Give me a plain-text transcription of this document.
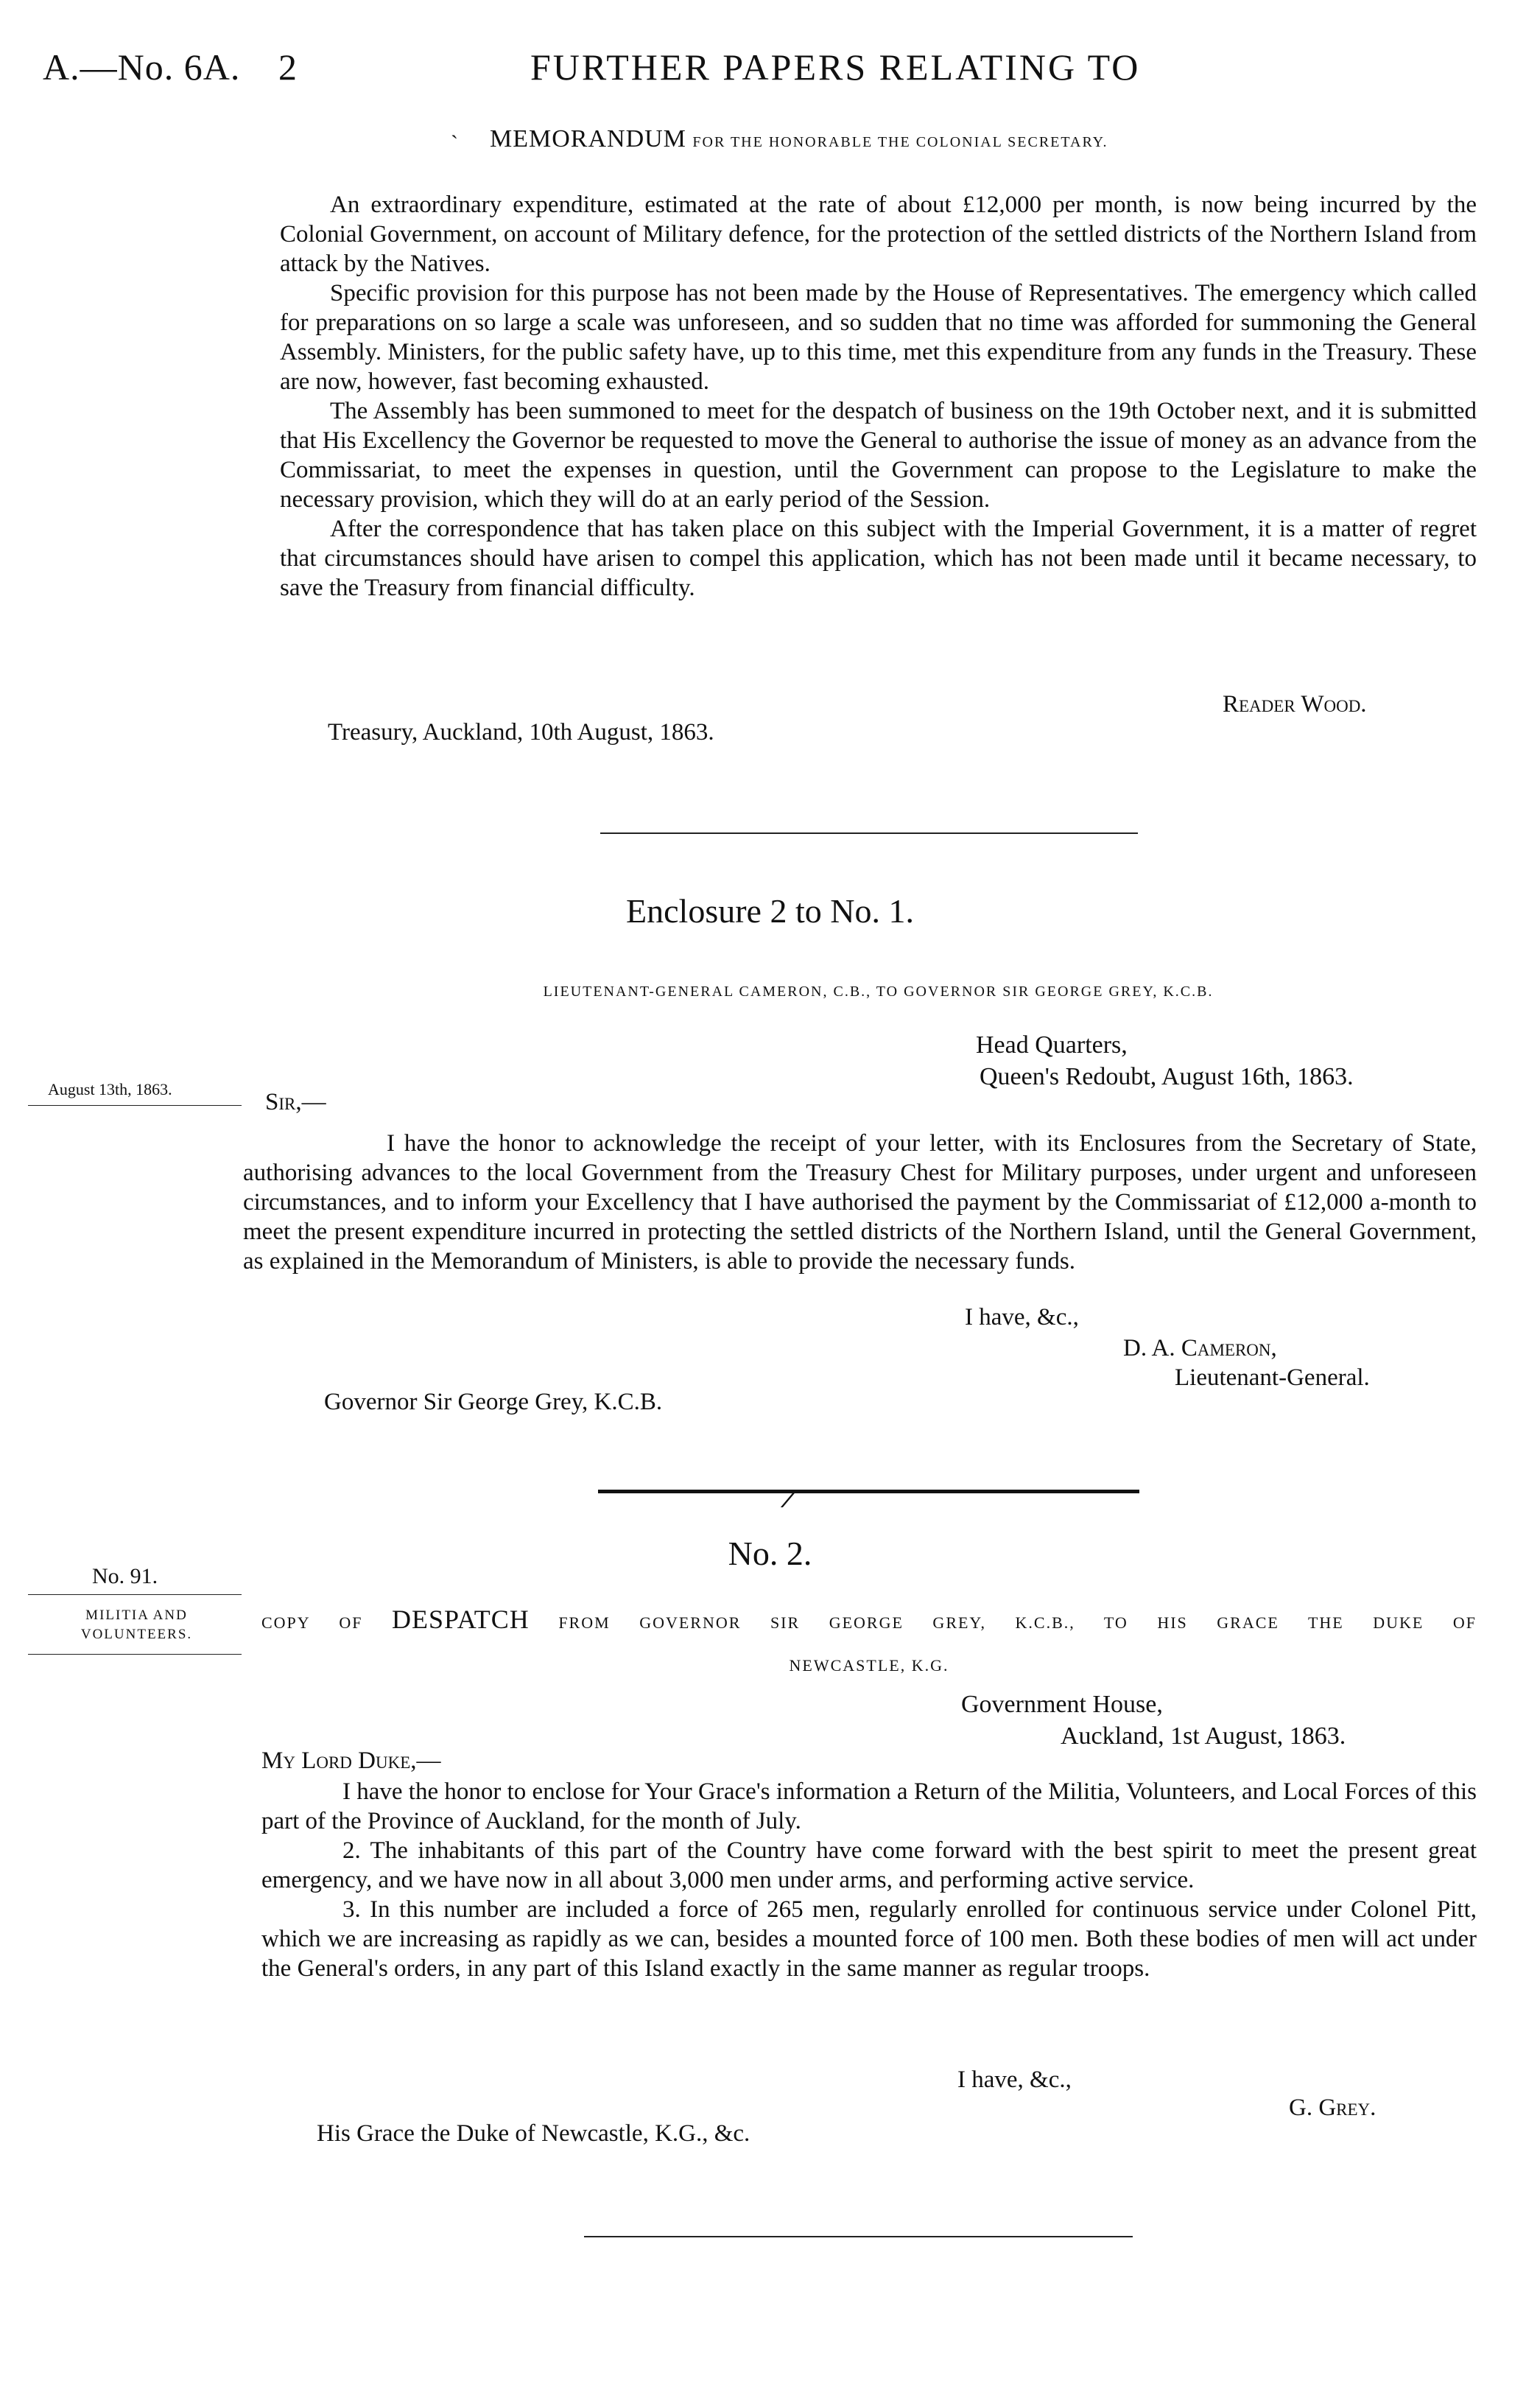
A.—No. 6A. 2	FURTHER PAPERS RELATING TO
` MEMORANDUM FOR THE HONORABLE THE COLONIAL SECRETARY.

An extraordinary expenditure, estimated at the rate of about £12,000 per month, is now being incurred by the Colonial Government, on account of Military defence, for the protection of the settled districts of the Northern Island from attack by the Natives.

Specific provision for this purpose has not been made by the House of Representatives. The emergency which called for preparations on so large a scale was unforeseen, and so sudden that no time was afforded for summoning the General Assembly. Ministers, for the public safety have, up to this time, met this expenditure from any funds in the Treasury. These are now, however, fast becoming exhausted.

The Assembly has been summoned to meet for the despatch of business on the 19th October next, and it is submitted that His Excellency the Governor be requested to move the General to authorise the issue of money as an advance from the Commissariat, to meet the expenses in question, until the Government can propose to the Legislature to make the necessary provision, which they will do at an early period of the Session.

After the correspondence that has taken place on this subject with the Imperial Government, it is a matter of regret that circumstances should have arisen to compel this application, which has not been made until it became necessary, to save the Treasury from financial difficulty.

Reader Wood.
Treasury, Auckland, 10th August, 1863.
Enclosure 2 to No. 1.
LIEUTENANT-GENERAL CAMERON, C.B., TO GOVERNOR SIR GEORGE GREY, K.C.B.
Head Quarters,
Queen's Redoubt, August 16th, 1863.
August 13th, 1863.	Sir,—

I have the honor to acknowledge the receipt of your letter, with its Enclosures from the Secretary of State, authorising advances to the local Government from the Treasury Chest for Military purposes, under urgent and unforeseen circumstances, and to inform your Excellency that I have authorised the payment by the Commissariat of £12,000 a-month to meet the present expenditure incurred in protecting the settled districts of the Northern Island, until the General Government, as explained in the Memorandum of Ministers, is able to provide the necessary funds.

I have, &c.,
D. A. Cameron,
Lieutenant-General.
Governor Sir George Grey, K.C.B.
No. 2.
No. 91.
MILITIA AND VOLUNTEERS.
COPY OF DESPATCH FROM GOVERNOR SIR GEORGE GREY, K.C.B., TO HIS GRACE THE DUKE OF
NEWCASTLE, K.G.
Government House,
Auckland, 1st August, 1863.
My Lord Duke,—

I have the honor to enclose for Your Grace's information a Return of the Militia, Volunteers, and Local Forces of this part of the Province of Auckland, for the month of July.

2. The inhabitants of this part of the Country have come forward with the best spirit to meet the present great emergency, and we have now in all about 3,000 men under arms, and performing active service.

3. In this number are included a force of 265 men, regularly enrolled for continuous service under Colonel Pitt, which we are increasing as rapidly as we can, besides a mounted force of 100 men. Both these bodies of men will act under the General's orders, in any part of this Island exactly in the same manner as regular troops.

I have, &c.,
G. Grey.
His Grace the Duke of Newcastle, K.G., &c.
